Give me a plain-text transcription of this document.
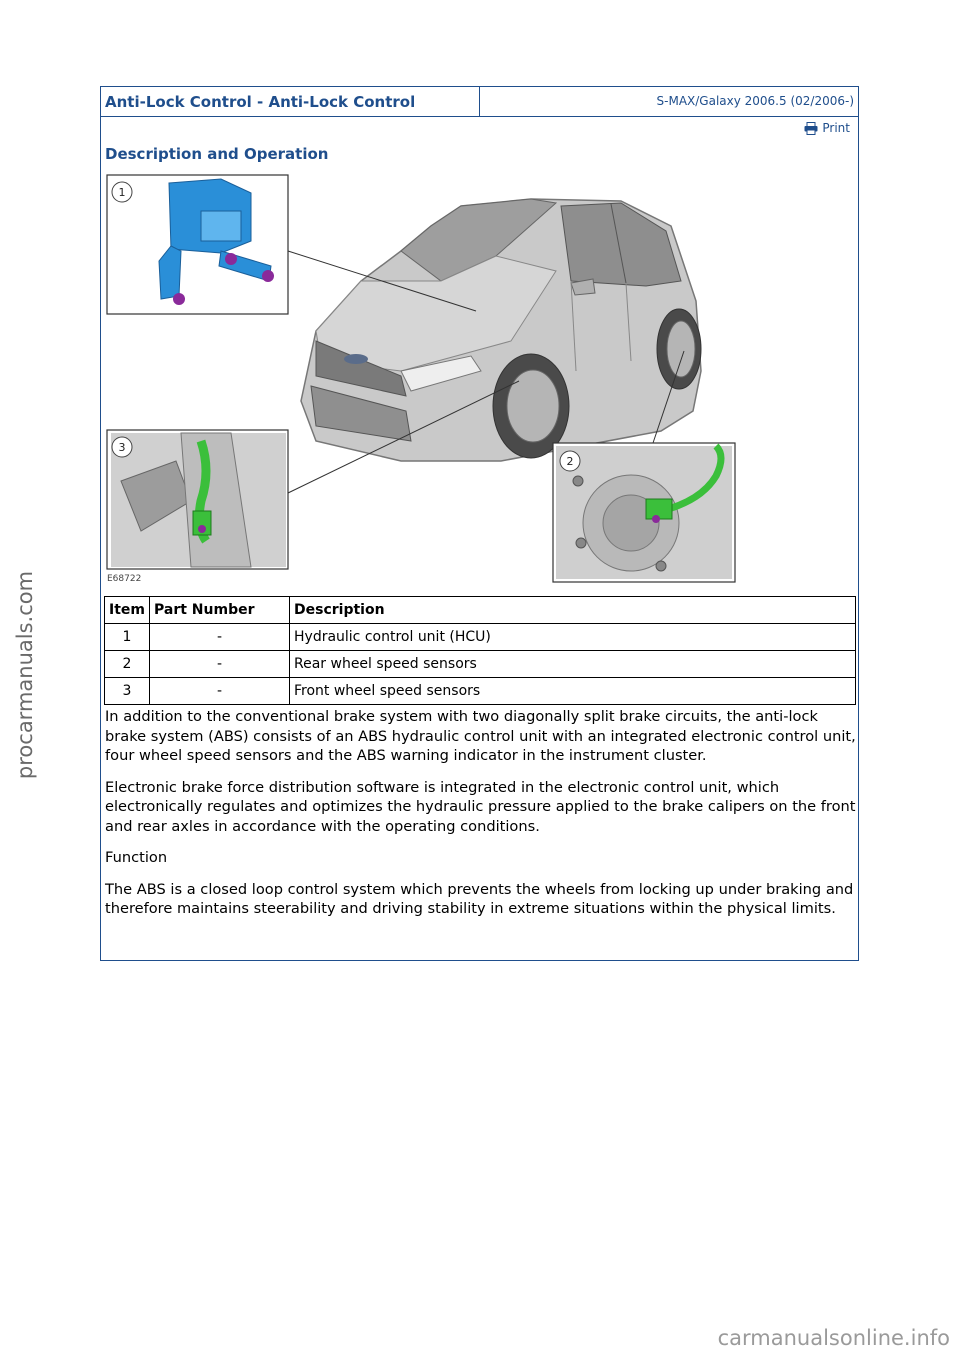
Anti-Lock Control - Anti-Lock Control	S-MAX/Galaxy 2006.5 (02/2006-)
Print
Description and Operation
1
3
2
E68722
Item	Part Number	Description
1	-	Hydraulic control unit (HCU)
2	-	Rear wheel speed sensors
3	-	Front wheel speed sensors

In addition to the conventional brake system with two diagonally split brake circuits, the anti-lock brake system (ABS) consists of an ABS hydraulic control unit with an integrated electronic control unit, four wheel speed sensors and the ABS warning indicator in the instrument cluster.

Electronic brake force distribution software is integrated in the electronic control unit, which electronically regulates and optimizes the hydraulic pressure applied to the brake calipers on the front and rear axles in accordance with the operating conditions.

Function

The ABS is a closed loop control system which prevents the wheels from locking up under braking and therefore maintains steerability and driving stability in extreme situations within the physical limits.

procarmanuals.com
carmanualsonline.info
